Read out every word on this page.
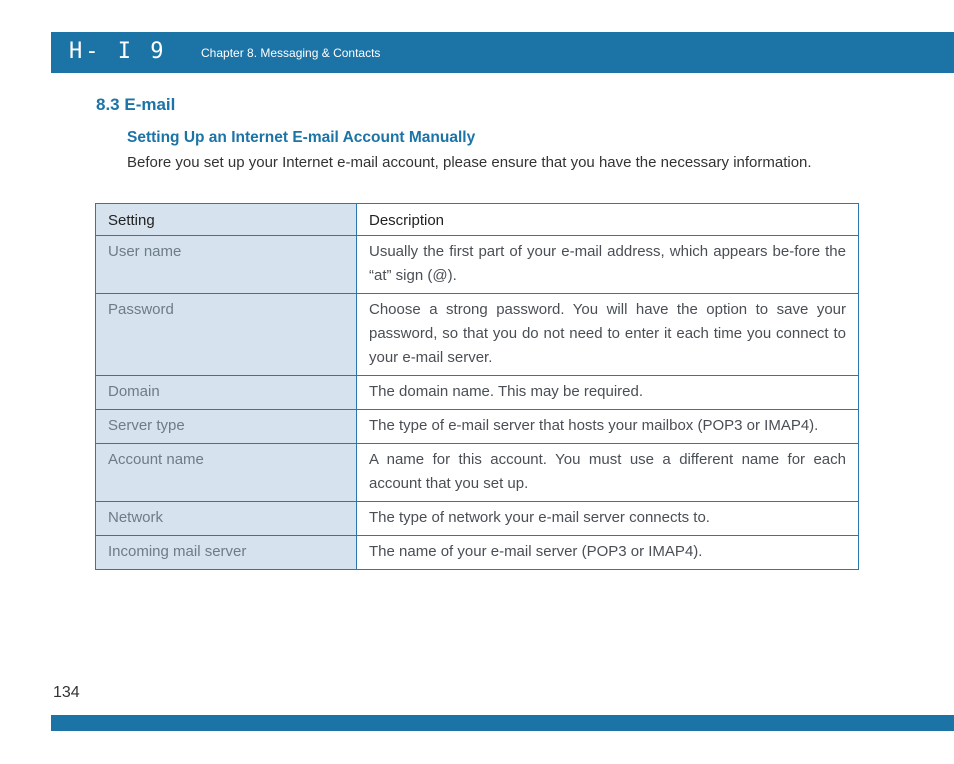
H- I 9	Chapter 8. Messaging & Contacts
8.3 E-mail
Setting Up an Internet E-mail Account Manually

Before you set up your Internet e-mail account, please ensure that you have the necessary information.

Setting	Description
User name	Usually the first part of your e-mail address, which appears be-fore the “at” sign (@).
Password	Choose a strong password. You will have the option to save your password, so that you do not need to enter it each time you connect to your e-mail server.
Domain	The domain name. This may be required.
Server type	The type of e-mail server that hosts your mailbox (POP3 or IMAP4).
Account name	A name for this account. You must use a different name for each account that you set up.
Network	The type of network your e-mail server connects to.
Incoming mail server	The name of your e-mail server (POP3 or IMAP4).
134
